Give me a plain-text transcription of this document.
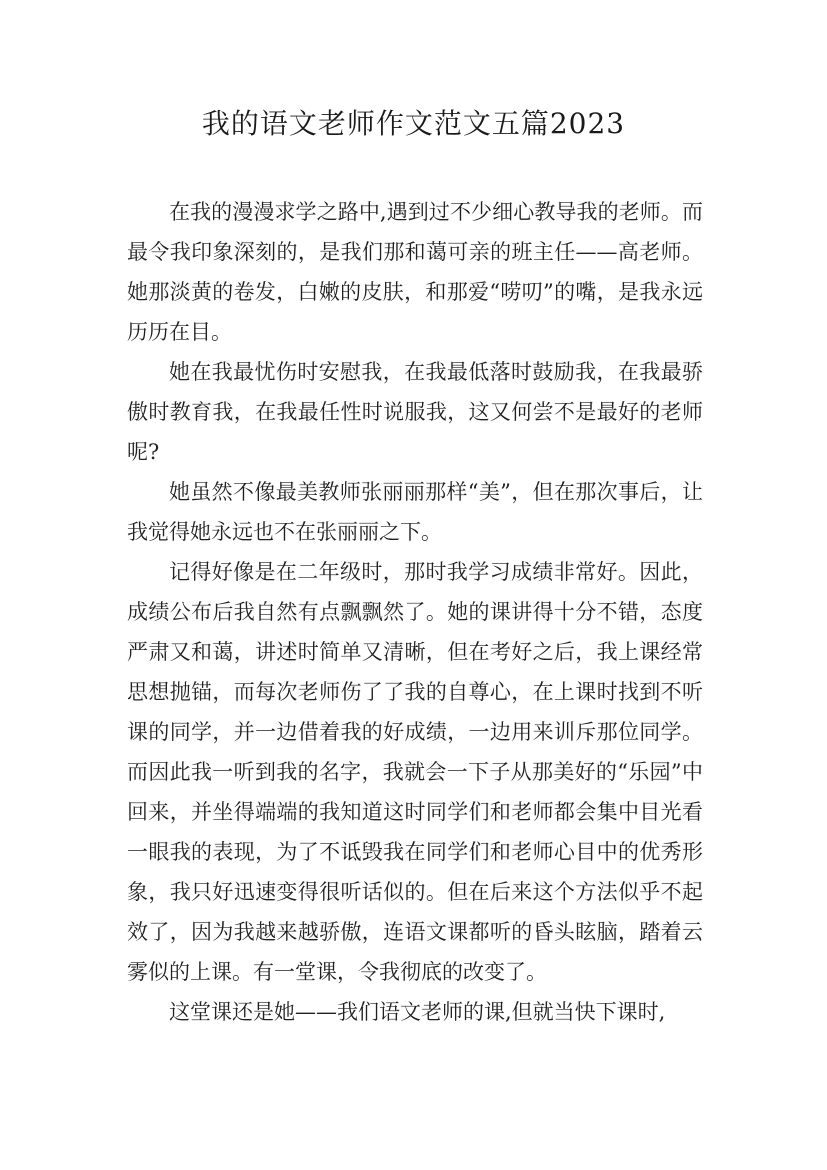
我的语文老师作文范文五篇2023

在我的漫漫求学之路中,遇到过不少细心教导我的老师。而最令我印象深刻的，是我们那和蔼可亲的班主任——高老师。她那淡黄的卷发，白嫩的皮肤，和那爱“唠叨”的嘴，是我永远历历在目。

她在我最忧伤时安慰我，在我最低落时鼓励我，在我最骄傲时教育我，在我最任性时说服我，这又何尝不是最好的老师呢?

她虽然不像最美教师张丽丽那样“美”，但在那次事后，让我觉得她永远也不在张丽丽之下。

记得好像是在二年级时，那时我学习成绩非常好。因此，成绩公布后我自然有点飘飘然了。她的课讲得十分不错，态度严肃又和蔼，讲述时简单又清晰，但在考好之后，我上课经常思想抛锚，而每次老师伤了了我的自尊心，在上课时找到不听课的同学，并一边借着我的好成绩，一边用来训斥那位同学。而因此我一听到我的名字，我就会一下子从那美好的“乐园”中回来，并坐得端端的我知道这时同学们和老师都会集中目光看一眼我的表现，为了不诋毁我在同学们和老师心目中的优秀形象，我只好迅速变得很听话似的。但在后来这个方法似乎不起效了，因为我越来越骄傲，连语文课都听的昏头眩脑，踏着云雾似的上课。有一堂课，令我彻底的改变了。

这堂课还是她——我们语文老师的课,但就当快下课时,
